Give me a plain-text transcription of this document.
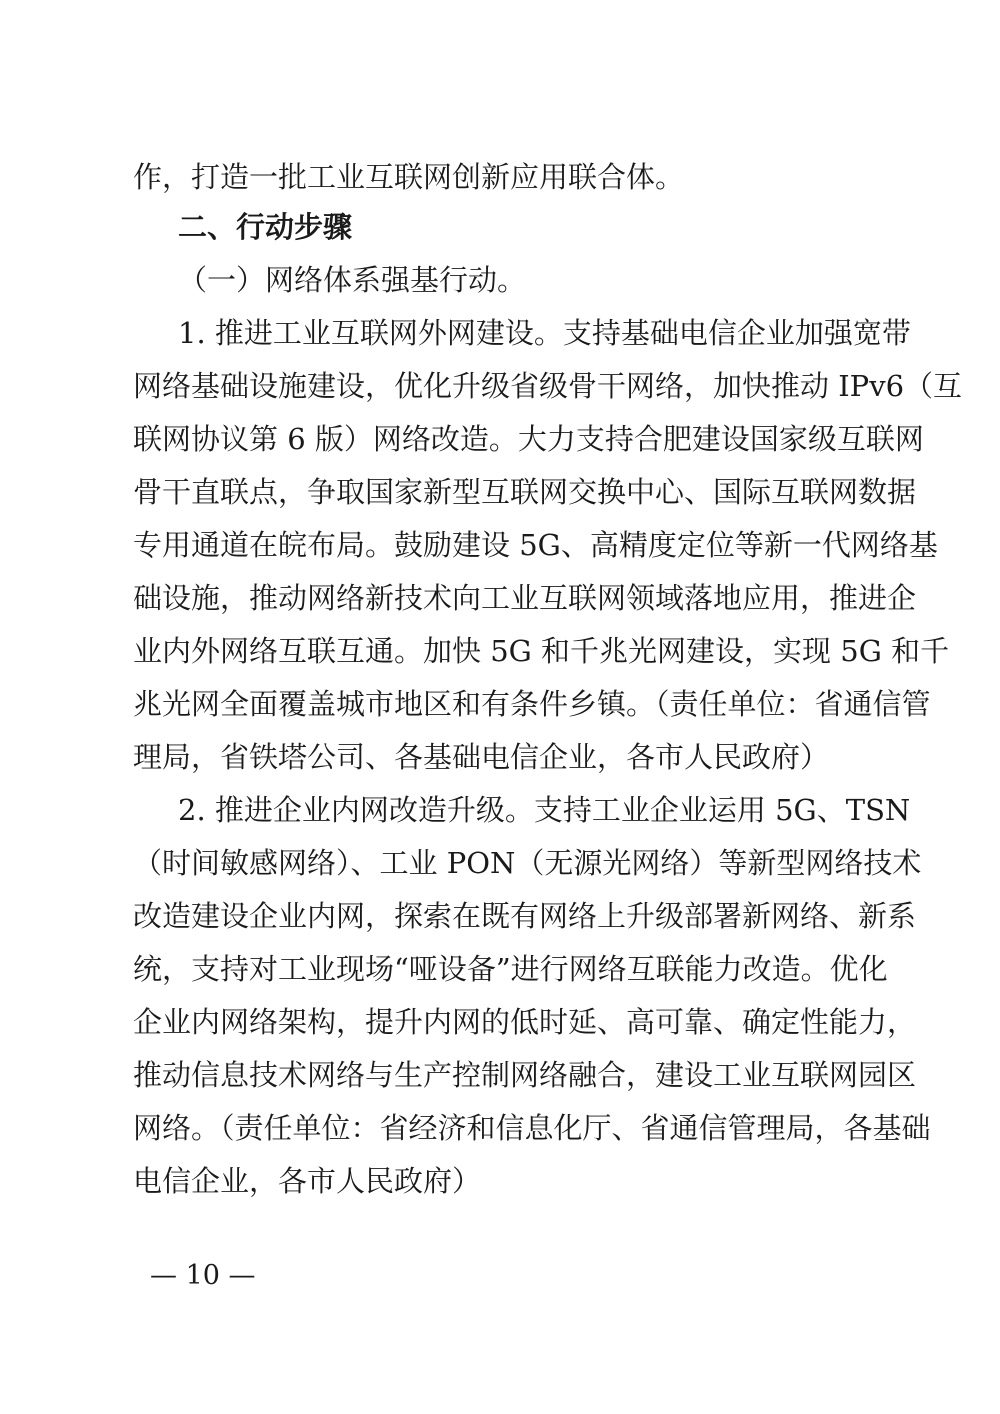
作，打造一批工业互联网创新应用联合体。
二、行动步骤
（一）网络体系强基行动。
1. 推进工业互联网外网建设。支持基础电信企业加强宽带
网络基础设施建设，优化升级省级骨干网络，加快推动 IPv6（互
联网协议第 6 版）网络改造。大力支持合肥建设国家级互联网
骨干直联点，争取国家新型互联网交换中心、国际互联网数据
专用通道在皖布局。鼓励建设 5G、高精度定位等新一代网络基
础设施，推动网络新技术向工业互联网领域落地应用，推进企
业内外网络互联互通。加快 5G 和千兆光网建设，实现 5G 和千
兆光网全面覆盖城市地区和有条件乡镇。（责任单位：省通信管
理局，省铁塔公司、各基础电信企业，各市人民政府）
2. 推进企业内网改造升级。支持工业企业运用 5G、TSN
（时间敏感网络）、工业 PON（无源光网络）等新型网络技术
改造建设企业内网，探索在既有网络上升级部署新网络、新系
统，支持对工业现场“哑设备”进行网络互联能力改造。优化
企业内网络架构，提升内网的低时延、高可靠、确定性能力，
推动信息技术网络与生产控制网络融合，建设工业互联网园区
网络。（责任单位：省经济和信息化厅、省通信管理局，各基础
电信企业，各市人民政府）
— 10 —
